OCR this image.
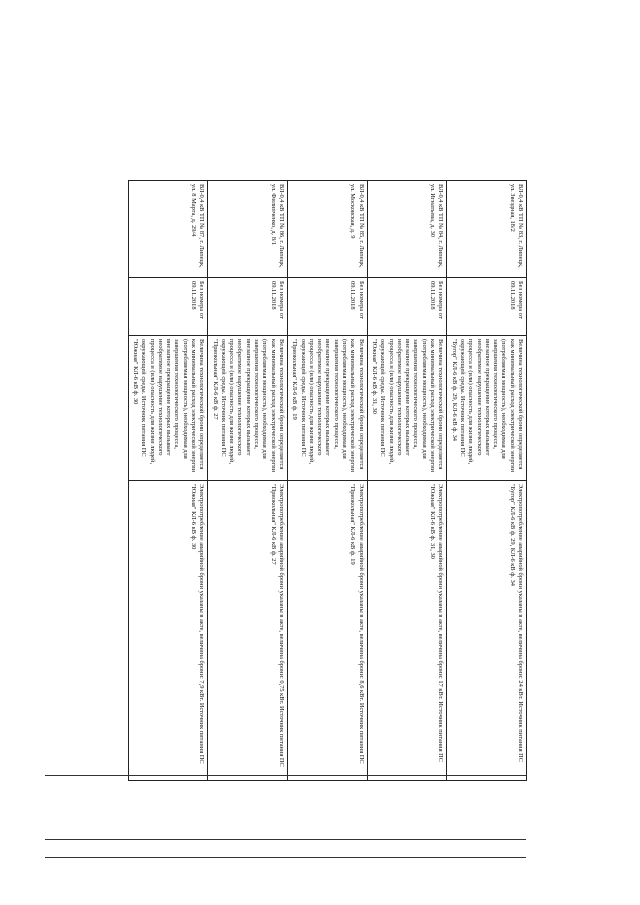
ВЛ-0,4 кВ ТП № 83, г. Липецк, ул. Звездная, 18/2	Без номера от 09.11.2018	Величина технологической брони определяется как минимальный расход электрической энергии (потребляемая мощность), необходимая для завершения технологического процесса, внезапное прекращение которых вызывает необратимое нарушение технологического процесса и (или) опасность для жизни людей, окружающей среды. Источник питания ПС "Бугор" КЛ-6 кВ ф. 29, КЛ-6 кВ ф. 34	Электропотребление аварийной брони указаны в акте, величина брони: 24 кВт. Источник питания ПС "Бугор" КЛ-6 кВ ф. 29, КЛ-6 кВ ф. 34
ВЛ-0,4 кВ ТП № 84, г. Липецк, ул. Игнатьева, д. 30	Без номера от 09.11.2018	Величина технологической брони определяется как минимальный расход электрической энергии (потребляемая мощность), необходимая для завершения технологического процесса, внезапное прекращение которых вызывает необратимое нарушение технологического процесса и (или) опасность для жизни людей, окружающей среды. Источник питания ПС "Южная" КЛ-6 кВ ф. 31, 30	Электропотребление аварийной брони указаны в акте, величина брони: 17 кВт. Источник питания ПС "Южная" КЛ-6 кВ ф. 31, 30
ВЛ-0,4 кВ ТП № 85, г. Липецк, ул. Московская, д. 9	Без номера от 09.11.2018	Величина технологической брони определяется как минимальный расход электрической энергии (потребляемая мощность), необходимая для завершения технологического процесса, внезапное прекращение которых вызывает необратимое нарушение технологического процесса и (или) опасность для жизни людей, окружающей среды. Источник питания ПС "Приокольная" КЛ-6 кВ ф. 19	Электропотребление аварийной брони указаны в акте, величина брони: 8,6 кВт. Источник питания ПС "Приокольная" КЛ-6 кВ ф. 19
ВЛ-0,4 кВ ТП № 86, г. Липецк, ул. Филипченко, д. 8/1	Без номера от 09.11.2018	Величина технологической брони определяется как минимальный расход электрической энергии (потребляемая мощность), необходимая для завершения технологического процесса, внезапное прекращение которых вызывает необратимое нарушение технологического процесса и (или) опасность для жизни людей, окружающей среды. Источник питания ПС "Приокольная" КЛ-6 кВ ф. 27	Электропотребление аварийной брони указаны в акте, величина брони: 0,75 кВт. Источник питания ПС "Приокольная" КЛ-6 кВ ф. 27
ВЛ-0,4 кВ ТП № 87, г. Липецк, ул. 8 Марта, д. 29/4	Без номера от 09.11.2018	Величина технологической брони определяется как минимальный расход электрической энергии (потребляемая мощность), необходимая для завершения технологического процесса, внезапное прекращение которых вызывает необратимое нарушение технологического процесса и (или) опасность для жизни людей, окружающей среды. Источник питания ПС "Южная" КЛ-6 кВ ф. 30	Электропотребление аварийной брони указаны в акте, величина брони: 7,9 кВт. Источник питания ПС "Южная" КЛ-6 кВ ф. 30
